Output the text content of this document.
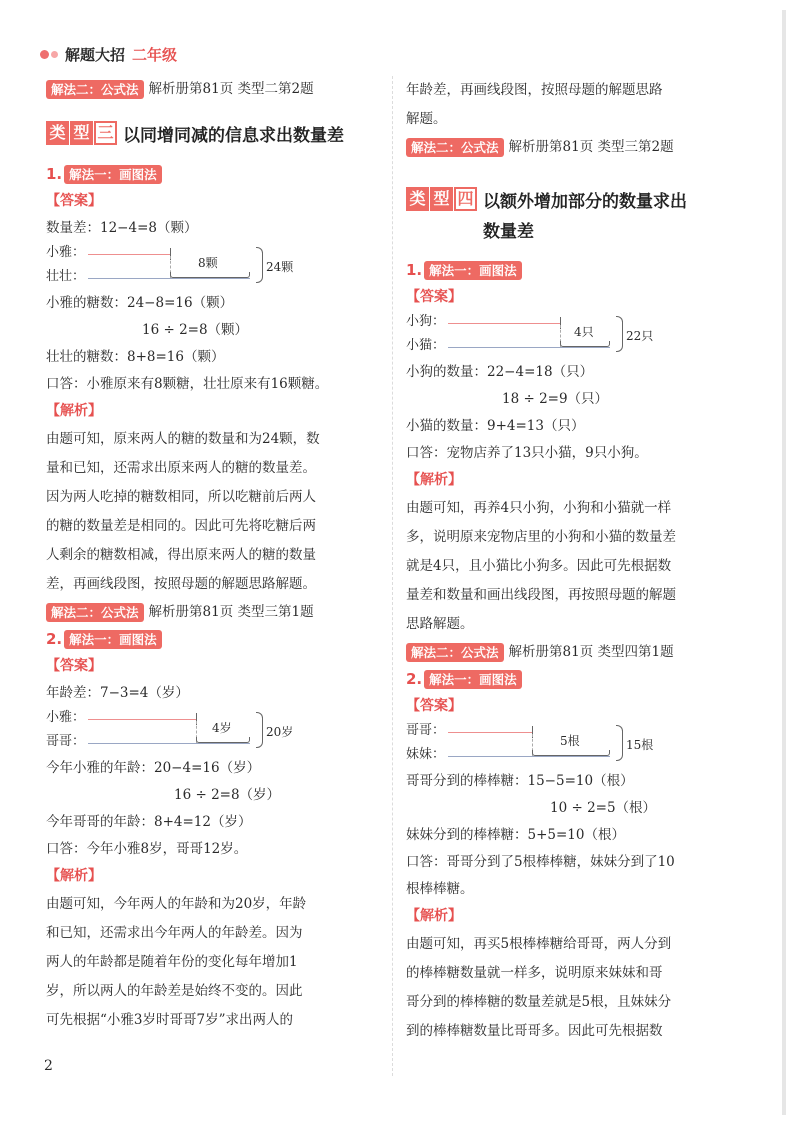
解题大招 二年级
解法二：公式法 解析册第81页 类型二第2题
类 型 三 以同增同减的信息求出数量差
1. 解法一：画图法
【答案】
数量差：12−4=8（颗）
小雅：
壮壮：
8颗	24颗
小雅的糖数：24−8=16（颗）
16 ÷ 2=8（颗）
壮壮的糖数：8+8=16（颗）
口答：小雅原来有8颗糖，壮壮原来有16颗糖。
【解析】
由题可知，原来两人的糖的数量和为24颗，数
量和已知，还需求出原来两人的糖的数量差。
因为两人吃掉的糖数相同，所以吃糖前后两人
的糖的数量差是相同的。因此可先将吃糖后两
人剩余的糖数相减，得出原来两人的糖的数量
差，再画线段图，按照母题的解题思路解题。
解法二：公式法 解析册第81页 类型三第1题
2. 解法一：画图法
【答案】
年龄差：7−3=4（岁）
小雅：
哥哥：
4岁	20岁
今年小雅的年龄：20−4=16（岁）
16 ÷ 2=8（岁）
今年哥哥的年龄：8+4=12（岁）
口答：今年小雅8岁，哥哥12岁。
【解析】
由题可知，今年两人的年龄和为20岁，年龄
和已知，还需求出今年两人的年龄差。因为
两人的年龄都是随着年份的变化每年增加1
岁，所以两人的年龄差是始终不变的。因此
可先根据“小雅3岁时哥哥7岁”求出两人的
年龄差，再画线段图，按照母题的解题思路
解题。
解法二：公式法 解析册第81页 类型三第2题
类 型 四 以额外增加部分的数量求出
数量差
1. 解法一：画图法
【答案】
小狗：
小猫：
4只	22只
小狗的数量：22−4=18（只）
18 ÷ 2=9（只）
小猫的数量：9+4=13（只）
口答：宠物店养了13只小猫，9只小狗。
【解析】
由题可知，再养4只小狗，小狗和小猫就一样
多，说明原来宠物店里的小狗和小猫的数量差
就是4只，且小猫比小狗多。因此可先根据数
量差和数量和画出线段图，再按照母题的解题
思路解题。
解法二：公式法 解析册第81页 类型四第1题
2. 解法一：画图法
【答案】
哥哥：
妹妹：
5根	15根
哥哥分到的棒棒糖：15−5=10（根）
10 ÷ 2=5（根）
妹妹分到的棒棒糖：5+5=10（根）
口答：哥哥分到了5根棒棒糖，妹妹分到了10
根棒棒糖。
【解析】
由题可知，再买5根棒棒糖给哥哥，两人分到
的棒棒糖数量就一样多，说明原来妹妹和哥
哥分到的棒棒糖的数量差就是5根，且妹妹分
到的棒棒糖数量比哥哥多。因此可先根据数
2
